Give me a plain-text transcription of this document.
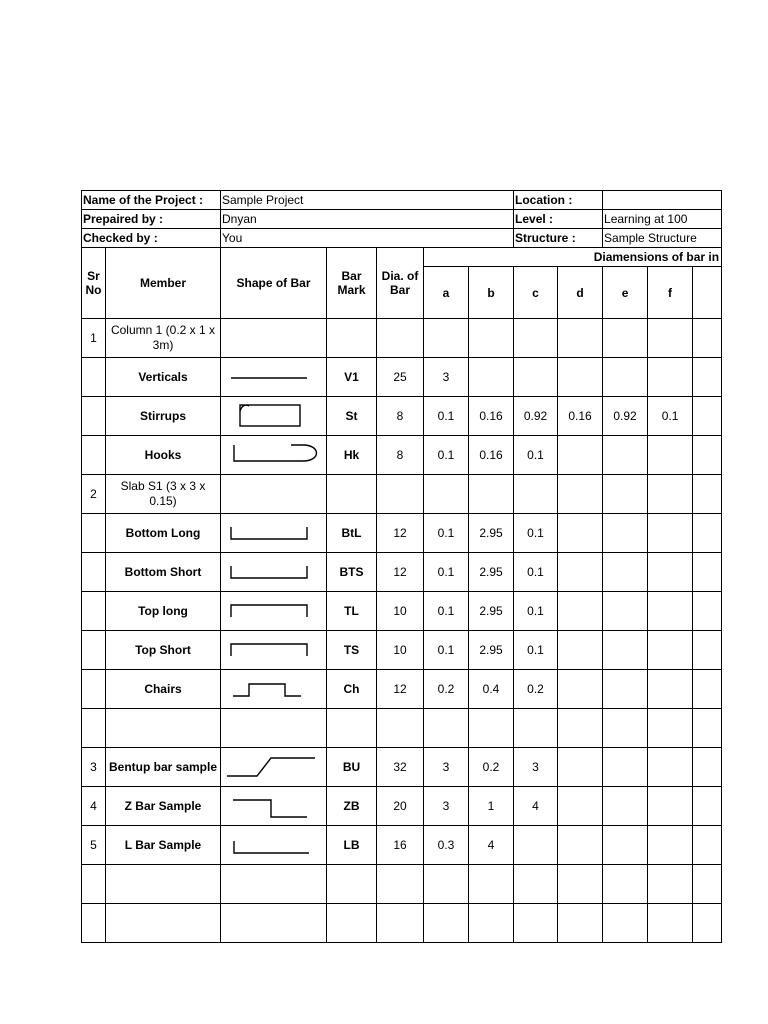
Name of the Project :		Sample Project					Location :				
Prepaired by :		Dnyan					Level :		Learning at 100		
Checked by :		You					Structure :		Sample Structure		
Sr No	Member	Shape of Bar	Bar Mark	Dia. of Bar	Diamensions of bar in						
					a	b	c	d	e	f	
1	Column 1 (0.2 x 1 x 3m)										
	Verticals		V1	25	3						
	Stirrups		St	8	0.1	0.16	0.92	0.16	0.92	0.1	
	Hooks		Hk	8	0.1	0.16	0.1				
2	Slab S1 (3 x 3 x 0.15)										
	Bottom Long		BtL	12	0.1	2.95	0.1				
	Bottom Short		BTS	12	0.1	2.95	0.1				
	Top long		TL	10	0.1	2.95	0.1				
	Top Short		TS	10	0.1	2.95	0.1				
	Chairs		Ch	12	0.2	0.4	0.2				

3	Bentup bar sample		BU	32	3	0.2	3				
4	Z Bar Sample		ZB	20	3	1	4				
5	L Bar Sample		LB	16	0.3	4					
